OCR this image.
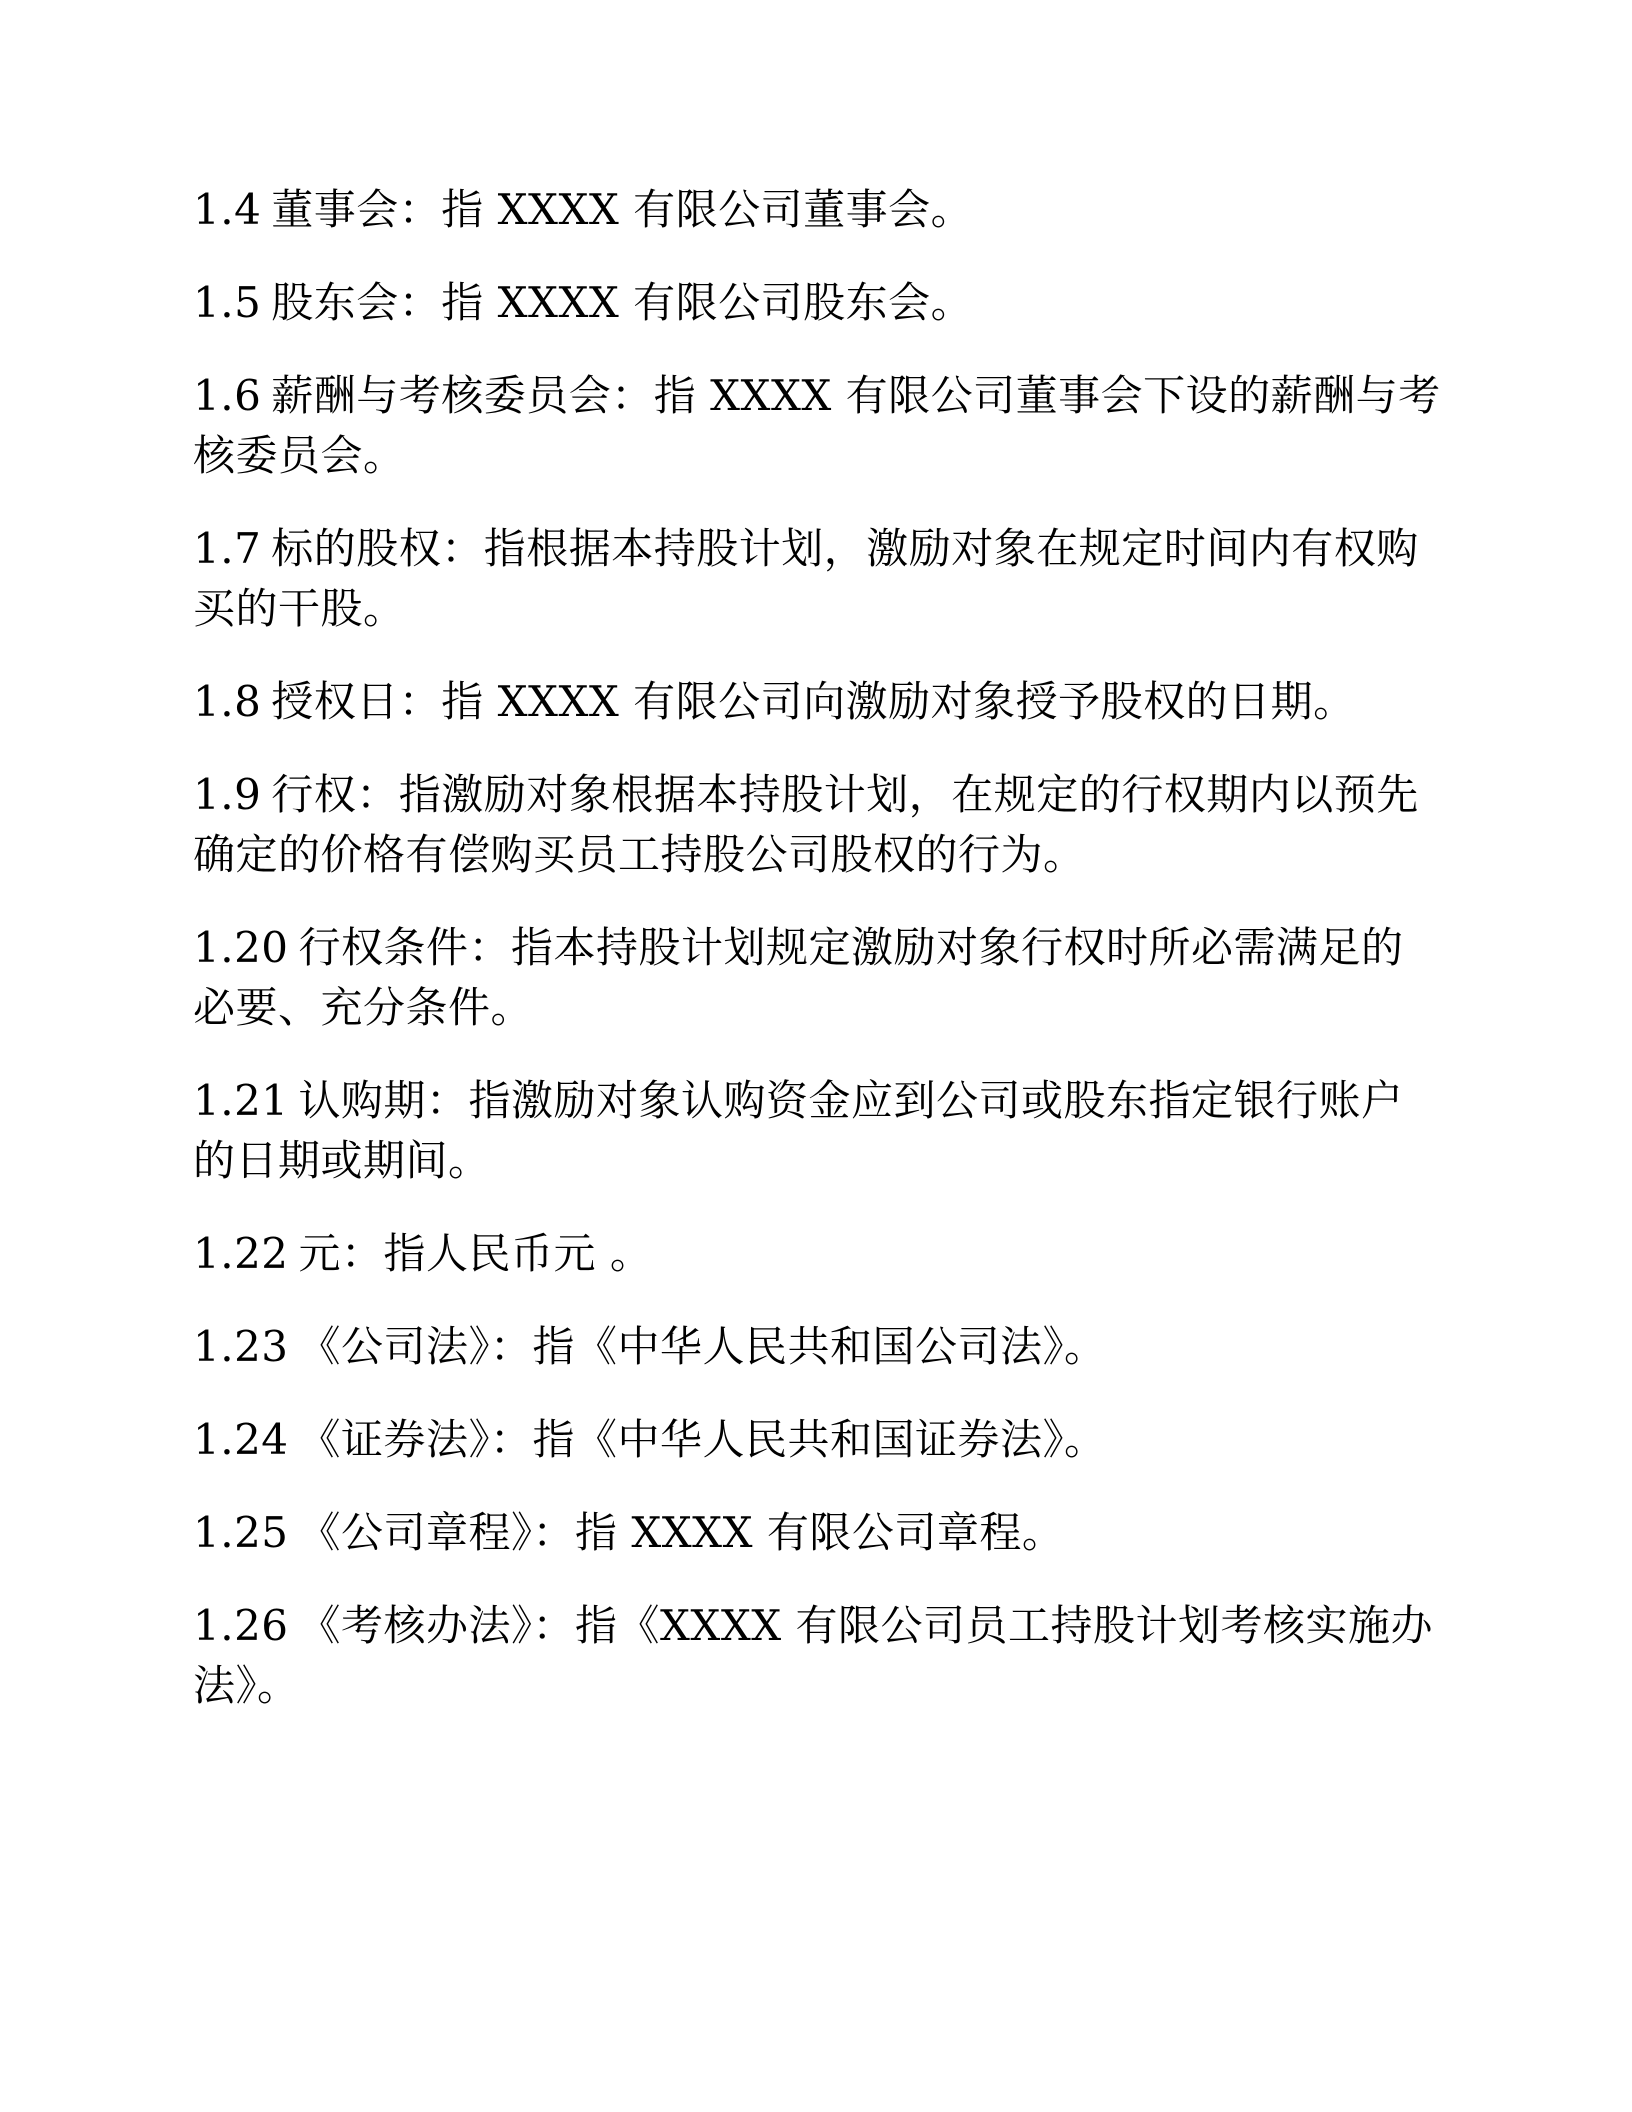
1.4 董事会：指 XXXX 有限公司董事会。

1.5 股东会：指 XXXX 有限公司股东会。

1.6 薪酬与考核委员会：指 XXXX 有限公司董事会下设的薪酬与考核委员会。

1.7 标的股权：指根据本持股计划，激励对象在规定时间内有权购买的干股。

1.8 授权日：指 XXXX 有限公司向激励对象授予股权的日期。

1.9 行权：指激励对象根据本持股计划，在规定的行权期内以预先确定的价格有偿购买员工持股公司股权的行为。

1.20 行权条件：指本持股计划规定激励对象行权时所必需满足的必要、充分条件。

1.21 认购期：指激励对象认购资金应到公司或股东指定银行账户的日期或期间。

1.22 元：指人民币元 。

1.23 《公司法》：指《中华人民共和国公司法》。

1.24 《证券法》：指《中华人民共和国证券法》。

1.25 《公司章程》：指 XXXX 有限公司章程。

1.26 《考核办法》：指《XXXX 有限公司员工持股计划考核实施办法》。
